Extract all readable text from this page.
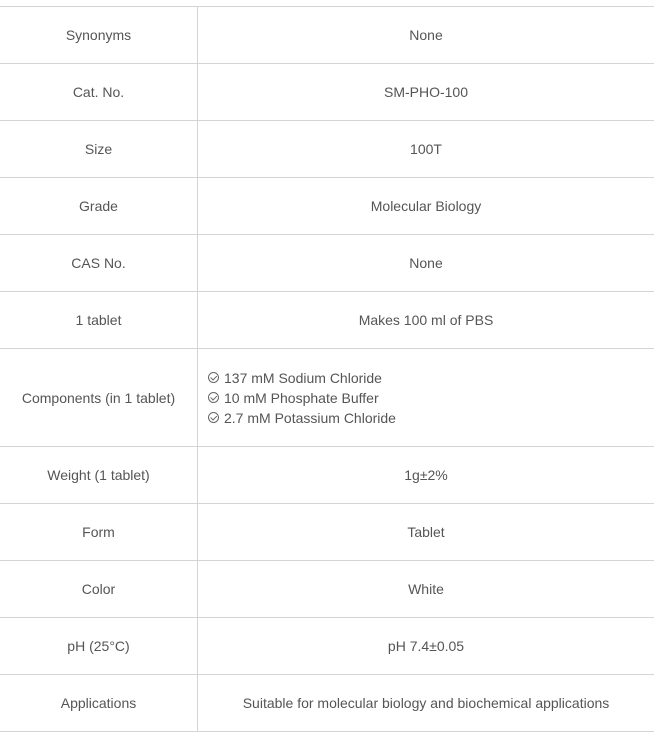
Synonyms	None
Cat. No.	SM-PHO-100
Size	100T
Grade	Molecular Biology
CAS No.	None
1 tablet	Makes 100 ml of PBS
Components (in 1 tablet)	137 mM Sodium Chloride
10 mM Phosphate Buffer
2.7 mM Potassium Chloride

Weight (1 tablet)	1g±2%
Form	Tablet
Color	White
pH (25°C)	pH 7.4±0.05
Applications	Suitable for molecular biology and biochemical applications
